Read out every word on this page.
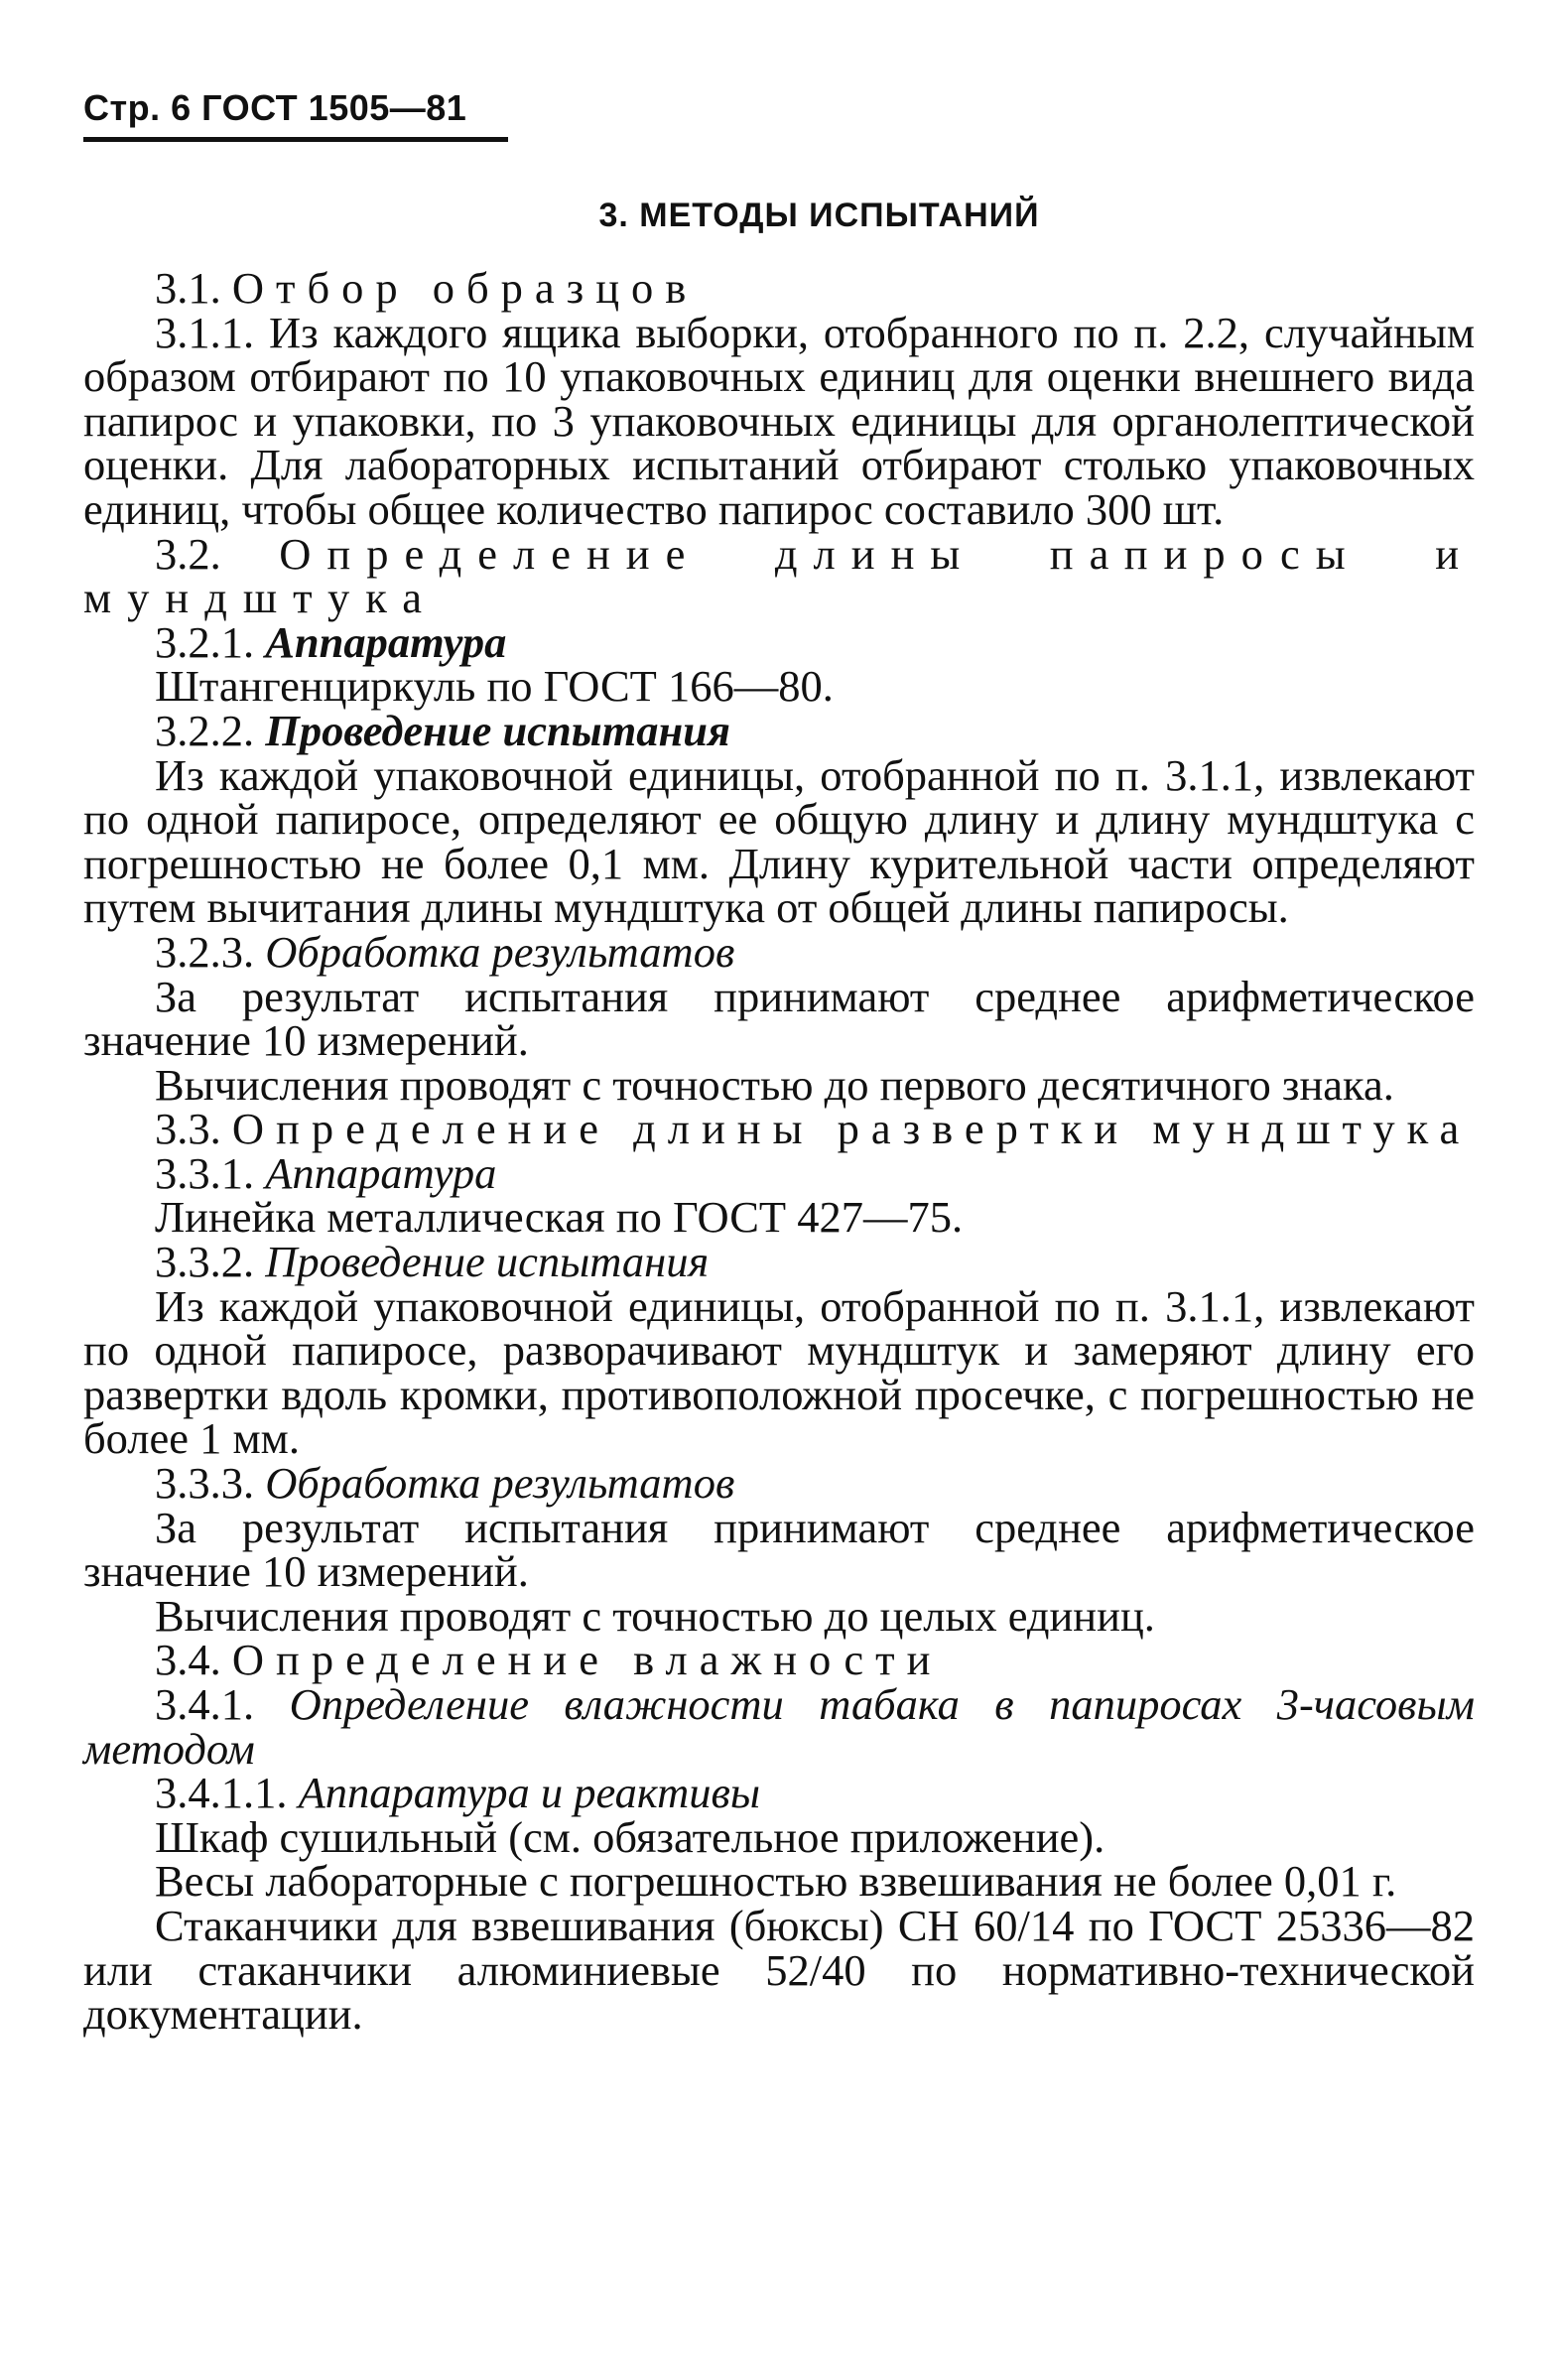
Стр. 6 ГОСТ 1505—81
3. МЕТОДЫ ИСПЫТАНИЙ

3.1. Отбор образцов

3.1.1. Из каждого ящика выборки, отобранного по п. 2.2, случайным образом отбирают по 10 упаковочных единиц для оценки внешнего вида папирос и упаковки, по 3 упаковочных единицы для органолептической оценки. Для лабораторных испытаний отбирают столько упаковочных единиц, чтобы общее количество папирос составило 300 шт.

3.2. Определение длины папиросы и мундштука

3.2.1. Аппаратура

Штангенциркуль по ГОСТ 166—80.

3.2.2. Проведение испытания

Из каждой упаковочной единицы, отобранной по п. 3.1.1, извлекают по одной папиросе, определяют ее общую длину и длину мундштука с погрешностью не более 0,1 мм. Длину курительной части определяют путем вычитания длины мундштука от общей длины папиросы.

3.2.3. Обработка результатов

За результат испытания принимают среднее арифметическое значение 10 измерений.

Вычисления проводят с точностью до первого десятичного знака.

3.3. Определение длины развертки мундштука

3.3.1. Аппаратура

Линейка металлическая по ГОСТ 427—75.

3.3.2. Проведение испытания

Из каждой упаковочной единицы, отобранной по п. 3.1.1, извлекают по одной папиросе, разворачивают мундштук и замеряют длину его развертки вдоль кромки, противоположной просечке, с погрешностью не более 1 мм.

3.3.3. Обработка результатов

За результат испытания принимают среднее арифметическое значение 10 измерений.

Вычисления проводят с точностью до целых единиц.

3.4. Определение влажности

3.4.1. Определение влажности табака в папиросах 3-часовым методом

3.4.1.1. Аппаратура и реактивы

Шкаф сушильный (см. обязательное приложение).

Весы лабораторные с погрешностью взвешивания не более 0,01 г.

Стаканчики для взвешивания (бюксы) СН 60/14 по ГОСТ 25336—82 или стаканчики алюминиевые 52/40 по нормативно-технической документации.
